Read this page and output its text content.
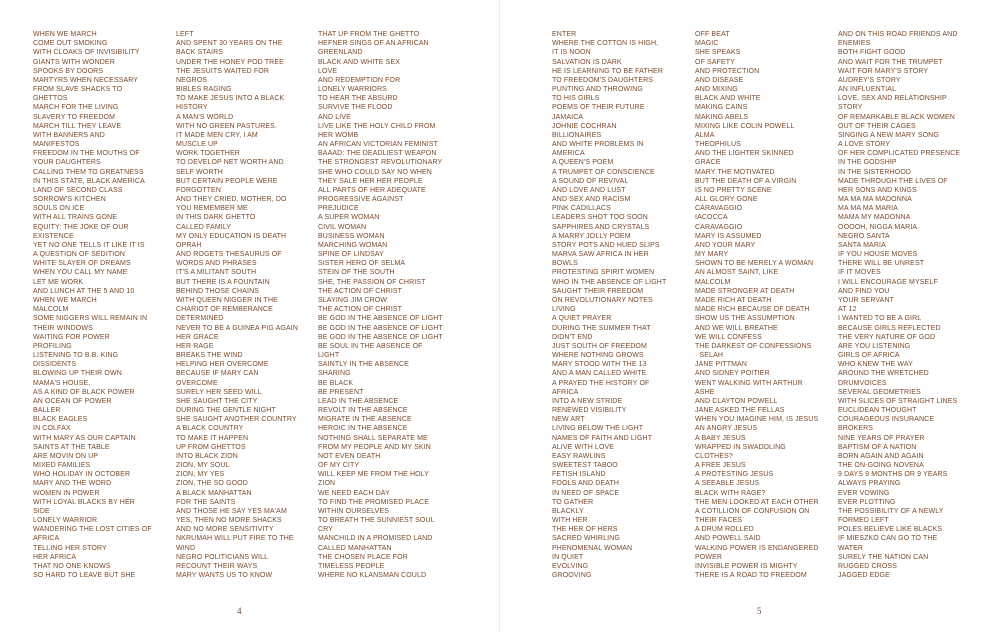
WHEN WE MARCH
COME OUT SMOKING
WITH CLOAKS OF INVISIBILITY
GIANTS WITH WONDER
SPOOKS BY DOORS
MARTYRS WHEN NECESSARY
FROM SLAVE SHACKS TO
GHETTOS
MARCH FOR THE LIVING
SLAVERY TO FREEDOM
MARCH TILL THEY LEAVE
WITH BANNERS AND
MANIFESTOS
FREEDOM IN THE MOUTHS OF
YOUR DAUGHTERS
CALLING THEM TO GREATNESS
IN THIS STATE, BLACK AMERICA
LAND OF SECOND CLASS
SORROW'S KITCHEN
SOULS ON ICE
WITH ALL TRAINS GONE
EQUITY: THE JOKE OF OUR
EXISTENCE
YET NO ONE TELLS IT LIKE IT IS
A QUESTION OF SEDITION
WHITE SLAYER OF DREAMS
WHEN YOU CALL MY NAME
LET ME WORK
AND LUNCH AT THE 5 AND 10
WHEN WE MARCH
MALCOLM
SOME NIGGERS WILL REMAIN IN
THEIR WINDOWS
WAITING FOR POWER
PROFILING
LISTENING TO B.B. KING
DISSIDENTS
BLOWING UP THEIR OWN
MAMA'S HOUSE,
AS A KIND OF BLACK POWER
AN OCEAN OF POWER
BALLER
BLACK EAGLES
IN COLFAX
WITH MARY AS OUR CAPTAIN
SAINTS AT THE TABLE
ARE MOVIN ON UP
MIXED FAMILIES
WHO HOLIDAY IN OCTOBER
MARY AND THE WORD
WOMEN IN POWER
WITH LOYAL BLACKS BY HER
SIDE
LONELY WARRIOR
WANDERING THE LOST CITIES OF
AFRICA
TELLING HER STORY
HER AFRICA
THAT NO ONE KNOWS
SO HARD TO LEAVE BUT SHE
LEFT
AND SPENT 30 YEARS ON THE
BACK STAIRS
UNDER THE HONEY POD TREE
THE JESUITS WAITED FOR
NEGROS
BIBLES RAGING
TO MAKE JESUS INTO A BLACK
HISTORY
A MAN'S WORLD
WITH NO GREEN PASTURES.
IT MADE MEN CRY, I AM
MUSCLE UP
WORK TOGETHER
TO DEVELOP NET WORTH AND
SELF WORTH
BUT CERTAIN PEOPLE WERE
FORGOTTEN
AND THEY CRIED, MOTHER, DO
YOU REMEMBER ME
IN THIS DARK GHETTO
CALLED FAMILY
MY ONLY EDUCATION IS DEATH
OPRAH
AND ROGETS THESAURUS OF
WORDS AND PHRASES
IT'S A MILITANT SOUTH
BUT THERE IS A FOUNTAIN
BEHIND THOSE CHAINS
WITH QUEEN NIGGER IN THE
CHARIOT OF REMBERANCE
DETERMINED
NEVER TO BE A GUINEA PIG AGAIN
HER GRACE
HER RAGE
BREAKS THE WIND
HELPING HER OVERCOME
BECAUSE IF MARY CAN
OVERCOME
SURELY HER SEED WILL
SHE SAUGHT THE CITY
DURING THE GENTLE NIGHT
SHE SAUGHT ANOTHER COUNTRY
A BLACK COUNTRY
TO MAKE IT HAPPEN
UP FROM GHETTOS
INTO BLACK ZION
ZION, MY SOUL
ZION, MY YES
ZION, THE SO GOOD
A BLACK MANHATTAN
FOR THE SAINTS
AND THOSE HE SAY YES MA'AM
YES, THEN NO MORE SHACKS
AND NO MORE SENSITIVITY
NKRUMAH WILL PUT FIRE TO THE
WIND
NEGRO POLITICIANS WILL
RECOUNT THEIR WAYS
MARY WANTS US TO KNOW
THAT UP FROM THE GHETTO
HEFNER SINGS OF AN AFRICAN
GREENLAND
BLACK AND WHITE SEX
LOVE
AND REDEMPTION FOR
LONELY WARRIORS
TO HEAR THE ABSURD
SURVIVE THE FLOOD
AND LIVE
LIVE LIKE THE HOLY CHILD FROM
HER WOMB
AN AFRICAN VICTORIAN FEMINIST
BAAAD: THE DEADLIEST WEAPON
THE STRONGEST REVOLUTIONARY
SHE WHO COULD SAY NO WHEN
THEY SALE HER HER PEOPLE
ALL PARTS OF HER ADEQUATE
PROGRESSIVE AGAINST
PREJUDICE
A SUPER WOMAN
CIVIL WOMAN
BUSINESS WOMAN
MARCHING WOMAN
SPINE OF LINDSAY
SISTER HERO OF SELMA
STEIN OF THE SOUTH
SHE, THE PASSION OF CHRIST
THE ACTION OF CHRIST
SLAYING JIM CROW
THE ACTION OF CHRIST
BE GOD IN THE ABSENCE OF LIGHT
BE GOD IN THE ABSENCE OF LIGHT
BE GOD IN THE ABSENCE OF LIGHT
BE SOUL IN THE ABSENCE OF
LIGHT
SAINTLY IN THE ABSENCE
SHARING
BE BLACK
BE PRESENT
LEAD IN THE ABSENCE
REVOLT IN THE ABSENCE
MIGRATE IN THE ABSENCE
HEROIC IN THE ABSENCE
NOTHING SHALL SEPARATE ME
FROM MY PEOPLE AND MY SKIN
NOT EVEN DEATH
OF MY CITY
WILL KEEP ME FROM THE HOLY
ZION
WE NEED EACH DAY
TO FIND THE PROMISED PLACE
WITHIN OURSELVES
TO BREATH THE SUNNIEST SOUL
CRY
MANCHILD IN A PROMISED LAND
CALLED MANHATTAN
THE CHOSEN PLACE FOR
TIMELESS PEOPLE
WHERE NO KLANSMAN COULD
4
ENTER
WHERE THE COTTON IS HIGH,
IT IS NOON
SALVATION IS DARK
HE IS LEARNING TO BE FATHER
TO FREEDOM'S DAUGHTERS
PUNTING AND THROWING
TO HIS GIRLS
POEMS OF THEIR FUTURE
JAMAICA
JOHNIE COCHRAN
BILLIONAIRES
AND WHITE PROBLEMS IN
AMERICA
A QUEEN'S POEM
A TRUMPET OF CONSCIENCE
A SOUND OF REVIVAL
AND LOVE AND LUST
AND SEX AND RACISM
PINK CADILLACS
LEADERS SHOT TOO SOON
SAPPHIRES AND CRYSTALS
A MARRY JOLLY POEM
STORY POTS AND HUED SLIPS
MARVA SAW AFRICA IN HER
BOWLS
PROTESTING SPIRIT WOMEN
WHO IN THE ABSENCE OF LIGHT
SAUGHT THEIR FREEDOM
ON REVOLUTIONARY NOTES
LIVING
A QUIET PRAYER
DURING THE SUMMER THAT
DIDN'T END
JUST SOUTH OF FREEDOM
WHERE NOTHING GROWS
MARY STOOD WITH THE 13
AND A MAN CALLED WHITE
A PRAYED THE HISTORY OF
AFRICA
INTO A NEW STRIDE
RENEWED VISIBILITY
NEW ART
LIVING BELOW THE LIGHT
NAMES OF FAITH AND LIGHT
ALIVE WITH LOVE
EASY RAWLINS
SWEETEST TABOO
FETISH ISLAND
FOOLS AND DEATH
IN NEED OF SPACE
TO GATHER
BLACKLY
WITH HER
THE HER OF HERS
SACRED WHIRLING
PHENOMENAL WOMAN
IN QUIET
EVOLVING
GROOVING
OFF BEAT
MAGIC
SHE SPEAKS
OF SAFETY
AND PROTECTION
AND DISEASE
AND MIXING
BLACK AND WHITE
MAKING CAINS
MAKING ABELS
MIXING LIKE COLIN POWELL
ALMA
THEOPHILUS
AND THE LIGHTER SKINNED
GRACE
MARY THE MOTIVATED
BUT THE DEATH OF A VIRGIN
IS NO PRETTY SCENE
ALL GLORY GONE
CARAVAGGIO
IACOCCA
CARAVAGGIO
MARY IS ASSUMED
AND YOUR MARY
MY MARY
SHOWN TO BE MERELY A WOMAN
AN ALMOST SAINT, LIKE
MALCOLM
MADE STRONGER AT DEATH
MADE RICH AT DEATH
MADE RICH BECAUSE OF DEATH
SHOW US THE ASSUMPTION
AND WE WILL BREATHE
WE WILL CONFESS
THE DARKEST OF CONFESSIONS
· SELAH
JANE PITTMAN
AND SIDNEY POITIER
WENT WALKING WITH ARTHUR
ASHE
AND CLAYTON POWELL
JANE ASKED THE FELLAS
WHEN YOU IMAGINE HIM, IS JESUS
AN ANGRY JESUS
A BABY JESUS
WRAPPED IN SWADDLING
CLOTHES?
A FREE JESUS
A PROTESTING JESUS
A SEEABLE JESUS
BLACK WITH RAGE?
THE MEN LOOKED AT EACH OTHER
A COTILLION OF CONFUSION ON
THEIR FACES
A DRUM ROLLED
AND POWELL SAID
WALKING POWER IS ENDANGERED
POWER
INVISIBLE POWER IS MIGHTY
THERE IS A ROAD TO FREEDOM
AND ON THIS ROAD FRIENDS AND
ENEMIES
BOTH FIGHT GOOD
AND WAIT FOR THE TRUMPET
WAIT FOR MARY'S STORY
AUDREY'S STORY
AN INFLUENTIAL
LOVE, SEX AND RELATIONSHIP
STORY
OF REMARKABLE BLACK WOMEN
OUT OF THEIR CAGES
SINGING A NEW MARY SONG
A LOVE STORY
OF HER COMPLICATED PRESENCE
IN THE GODSHIP
IN THE SISTERHOOD
MADE THROUGH THE LIVES OF
HER SONS AND KINGS
MA MA MA MADONNA
MA MA MA MARIA
MAMA MY MADONNA
OOOOH, NIGGA MARIA
NEGRO SANTA
SANTA MARIA
IF YOU HOUSE MOVES
THERE WILL BE UNREST
IF IT MOVES
I WILL ENCOURAGE MYSELF
AND FIND YOU
YOUR SERVANT
AT 12
I WANTED TO BE A GIRL
BECAUSE GIRLS REFLECTED
THE VERY NATURE OF GOD
ARE YOU LISTENING
GIRLS OF AFRICA
WHO KNEW THE WAY
AROUND THE WRETCHED
DRUMVOICES
SEVERAL GEOMETRIES
WITH SLICES OF STRAIGHT LINES
EUCLIDEAN THOUGHT
COURAGEOUS INSURANCE
BROKERS
NINE YEARS OF PRAYER
BAPTISM OF A NATION
BORN AGAIN AND AGAIN
THE ON-GOING NOVENA
9 DAYS 9 MONTHS OR 9 YEARS
ALWAYS PRAYING
EVER VOWING
EVER PLOTTING
THE POSSIBILITY OF A NEWLY
FORMED LEFT
POLES BELIEVE LIKE BLACKS
IF MIESZKO CAN GO TO THE
WATER
SURELY THE NATION CAN
RUGGED CROSS
JAGGED EDGE
5
